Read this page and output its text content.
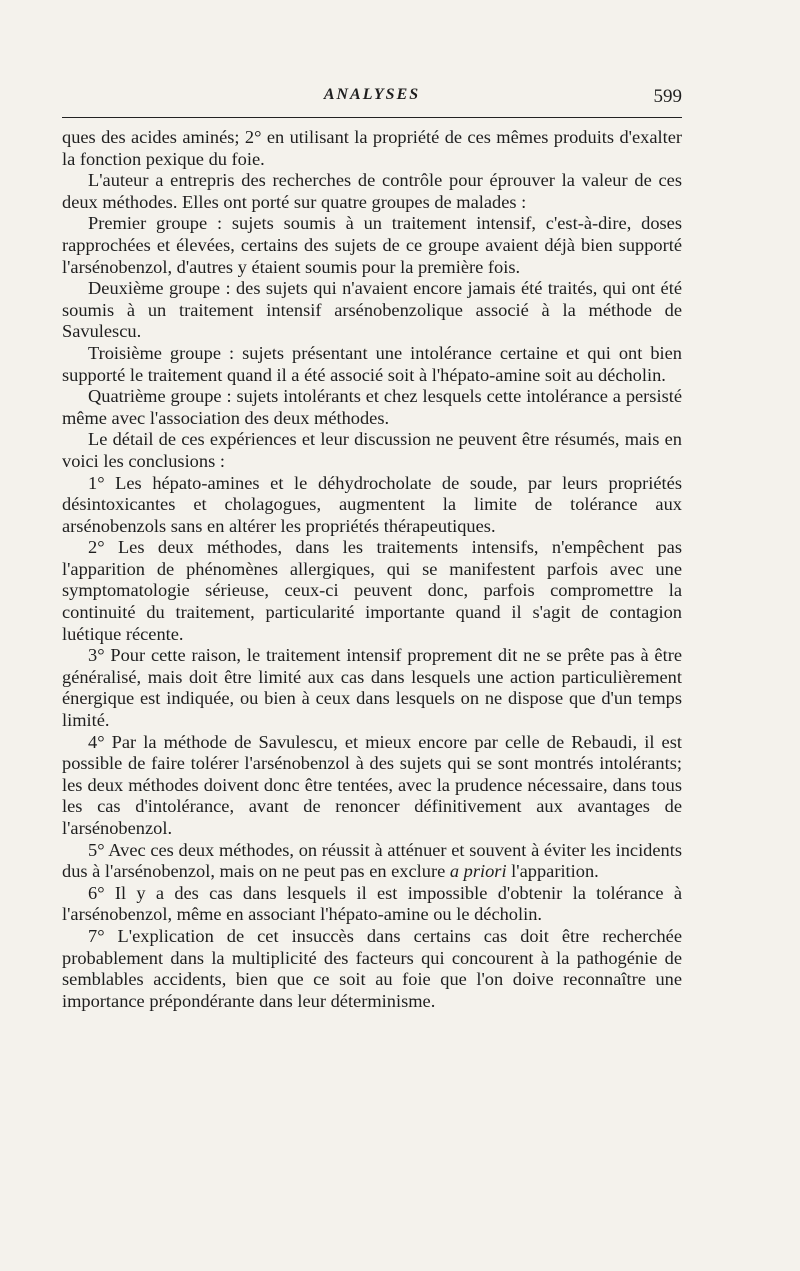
ANALYSES	599

ques des acides aminés; 2° en utilisant la propriété de ces mêmes produits d'exalter la fonction pexique du foie.

L'auteur a entrepris des recherches de contrôle pour éprouver la valeur de ces deux méthodes. Elles ont porté sur quatre groupes de malades :

Premier groupe : sujets soumis à un traitement intensif, c'est-à-dire, doses rapprochées et élevées, certains des sujets de ce groupe avaient déjà bien supporté l'arsénobenzol, d'autres y étaient soumis pour la première fois.

Deuxième groupe : des sujets qui n'avaient encore jamais été traités, qui ont été soumis à un traitement intensif arsénobenzolique associé à la méthode de Savulescu.

Troisième groupe : sujets présentant une intolérance certaine et qui ont bien supporté le traitement quand il a été associé soit à l'hépato-amine soit au décholin.

Quatrième groupe : sujets intolérants et chez lesquels cette intolérance a persisté même avec l'association des deux méthodes.

Le détail de ces expériences et leur discussion ne peuvent être résumés, mais en voici les conclusions :

1° Les hépato-amines et le déhydrocholate de soude, par leurs propriétés désintoxicantes et cholagogues, augmentent la limite de tolérance aux arsénobenzols sans en altérer les propriétés thérapeutiques.

2° Les deux méthodes, dans les traitements intensifs, n'empêchent pas l'apparition de phénomènes allergiques, qui se manifestent parfois avec une symptomatologie sérieuse, ceux-ci peuvent donc, parfois compromettre la continuité du traitement, particularité importante quand il s'agit de contagion luétique récente.

3° Pour cette raison, le traitement intensif proprement dit ne se prête pas à être généralisé, mais doit être limité aux cas dans lesquels une action particulièrement énergique est indiquée, ou bien à ceux dans lesquels on ne dispose que d'un temps limité.

4° Par la méthode de Savulescu, et mieux encore par celle de Rebaudi, il est possible de faire tolérer l'arsénobenzol à des sujets qui se sont montrés intolérants; les deux méthodes doivent donc être tentées, avec la prudence nécessaire, dans tous les cas d'intolérance, avant de renoncer définitivement aux avantages de l'arsénobenzol.

5° Avec ces deux méthodes, on réussit à atténuer et souvent à éviter les incidents dus à l'arsénobenzol, mais on ne peut pas en exclure a priori l'apparition.

6° Il y a des cas dans lesquels il est impossible d'obtenir la tolérance à l'arsénobenzol, même en associant l'hépato-amine ou le décholin.

7° L'explication de cet insuccès dans certains cas doit être recherchée probablement dans la multiplicité des facteurs qui concourent à la pathogénie de semblables accidents, bien que ce soit au foie que l'on doive reconnaître une importance prépondérante dans leur déterminisme.
